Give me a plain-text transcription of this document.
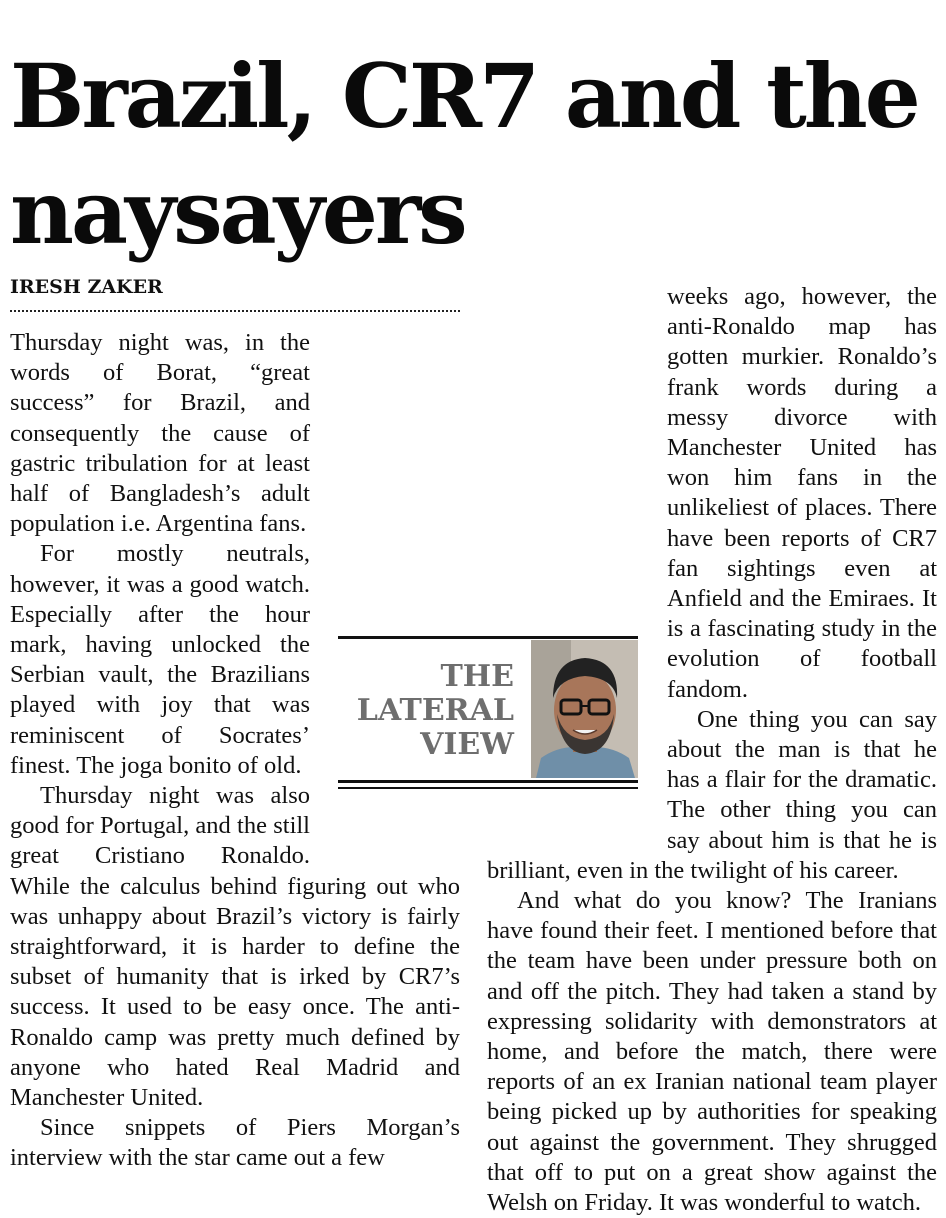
Brazil, CR7 and the naysayers
IRESH ZAKER

Thursday night was, in the words of Borat, “great success” for Brazil, and consequently the cause of gastric tribulation for at least half of Bangladesh’s adult population i.e. Argentina fans.

For mostly neutrals, however, it was a good watch. Especially after the hour mark, having unlocked the Serbian vault, the Brazilians played with joy that was reminiscent of Socrates’ finest. The joga bonito of old.

Thursday night was also good for Portugal, and the still great Cristiano Ronaldo. While the calculus behind figuring out who was unhappy about Brazil’s victory is fairly straightforward, it is harder to define the subset of humanity that is irked by CR7’s success. It used to be easy once. The anti-Ronaldo camp was pretty much defined by anyone who hated Real Madrid and Manchester United.

Since snippets of Piers Morgan’s interview with the star came out a few

weeks ago, however, the anti-Ronaldo map has gotten murkier. Ronaldo’s frank words during a messy divorce with Manchester United has won him fans in the unlikeliest of places. There have been reports of CR7 fan sightings even at Anfield and the Emiraes. It is a fascinating study in the evolution of football fandom.

One thing you can say about the man is that he has a flair for the dramatic. The other thing you can say about him is that he is brilliant, even in the twilight of his career.

And what do you know? The Iranians have found their feet. I mentioned before that the team have been under pressure both on and off the pitch. They had taken a stand by expressing solidarity with demonstrators at home, and before the match, there were reports of an ex Iranian national team player being picked up by authorities for speaking out against the government. They shrugged that off to put on a great show against the Welsh on Friday. It was wonderful to watch.

THE
LATERAL
VIEW
